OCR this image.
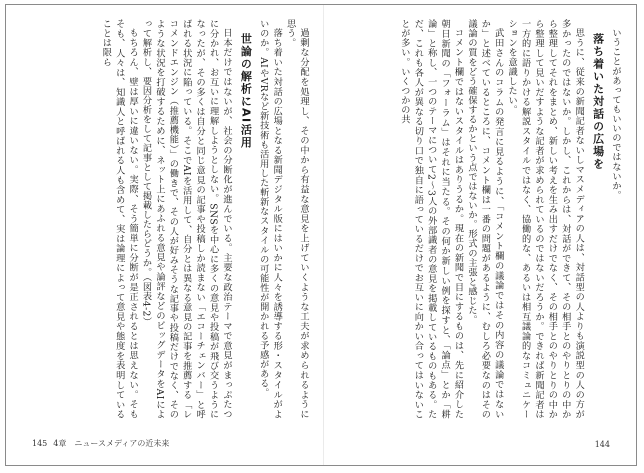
過剰な分配を処理し、その中から有益な意見を上げていくような工夫が求められるように思う。

落ち着いた対話の広場となる新聞デジタル版にはいかに人々を誘導する形・スタイルがよいのか。AIやVRなど新技術も活用した斬新なスタイルの可能性が開かれる予感がある。

世論の解析にAI活用

日本だけではないが、社会の分断化が進んでいる。主要な政治テーマで意見がまっぷたつに分かれ、お互いに理解しようとしない。SNSを中心に多くの意見や投稿が飛び交うようになったが、その多くは自分と同じ意見の記事や投稿しか読まない「エコーチェンバー」と呼ばれる状況に陥っている。そこでAIを活用して、自分とは異なる意見の記事を推薦する「レコメンドエンジン（推薦機能）」の働きで、その人が好みそうな記事や投稿だけでなく、そのような状況を打破するために、ネット上にあふれる意見や論評などのビッグデータをAIによって解析し、要因分析をして記事として掲載したらどうか。（図表4-2）

もちろん、壁は厚いに違いない。実際、そう簡単に分断が是正されるとは思えない。そもそも、人々は、知識人と呼ばれる人も含めて、実は論理によって意見や態度を表明していることは限ら	いうことがあってもいいのではないか。

落ち着いた対話の広場を

思うに、従来の新聞記者ないしマスメディアの人は、対話型の人よりも演説型の人の方が多かったのではないか。しかし、これからは、対話ができて、その相手とのやりとりの中から整理してそれをまとめ、新しい考えを生み出すだけでなく、その相手とのやりとりの中から整理して見いだすような記者が求められているのではないだろうか。できれば新聞記者は一方的に語りかける解説スタイルではなく、協働的な、あるいは相互議論的なコミュニケーションを意識したい。

武田さんのコラムの発言に見るように、「コメント欄の議論ではその内容の議論ではないか」と述べているところに、コメント欄は一番の問題があるように、むしろ必要なのはその議論の質をどう確保するかという点ではないか。形式の主張と感じた。

コメント欄ではないスタイルはありうるか。現在の新聞で目にするものは、先に紹介した朝日新聞の「フォーラム」はそれに当たる。その何か新しい例を探すと、「論点」とか「耕論」と称し、一つのテーマについて2～3人の外部識者の意見を掲載しているものもある。ただ、これも各人が異なる切り口で独自に語っているだけでお互いに向かい合ってはいないことが多い。いくつかの共

145 4章　ニュースメディアの近未来	144
